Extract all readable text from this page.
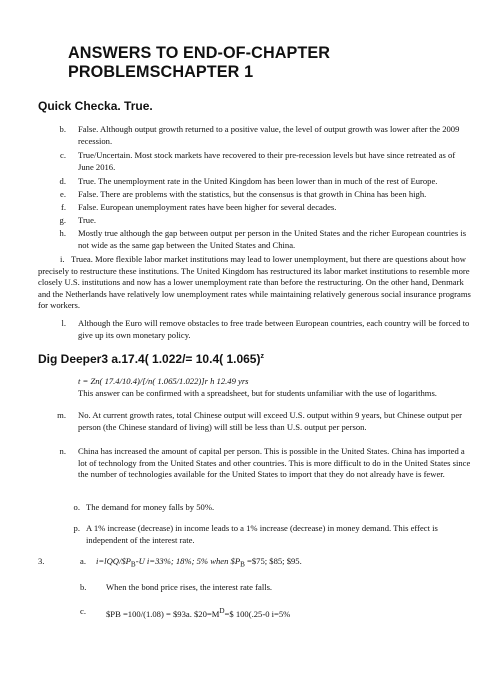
ANSWERS TO END-OF-CHAPTER
PROBLEMSCHAPTER 1
Quick Checka. True.
b. False. Although output growth returned to a positive value, the level of output growth was lower after the 2009 recession.
c. True/Uncertain. Most stock markets have recovered to their pre-recession levels but have since retreated as of June 2016.
d. True. The unemployment rate in the United Kingdom has been lower than in much of the rest of Europe.
e. False. There are problems with the statistics, but the consensus is that growth in China has been high.
f. False. European unemployment rates have been higher for several decades.
g. True.
h. Mostly true although the gap between output per person in the United States and the richer European countries is not wide as the same gap between the United States and China.
i. Truea. More flexible labor market institutions may lead to lower unemployment, but there are questions about how precisely to restructure these institutions. The United Kingdom has restructured its labor market institutions to resemble more closely U.S. institutions and now has a lower unemployment rate than before the restructuring. On the other hand, Denmark and the Netherlands have relatively low unemployment rates while maintaining relatively generous social insurance programs for workers.
l. Although the Euro will remove obstacles to free trade between European countries, each country will be forced to give up its own monetary policy.
Dig Deeper3 a.17.4( 1.022/= 10.4( 1.065)$^z$
t = Zn( 17.4/10.4)/[/n( 1.065/1.022)]r h 12.49 yrs
This answer can be confirmed with a spreadsheet, but for students unfamiliar with the use of logarithms.
m. No. At current growth rates, total Chinese output will exceed U.S. output within 9 years, but Chinese output per person (the Chinese standard of living) will still be less than U.S. output per person.
n. China has increased the amount of capital per person. This is possible in the United States. China has imported a lot of technology from the United States and other countries. This is more difficult to do in the United States since the number of technologies available for the United States to import that they do not already have is fewer.
o. The demand for money falls by 50%.
p. A 1% increase (decrease) in income leads to a 1% increase (decrease) in money demand. This effect is independent of the interest rate.
3.	a. $i=lQQ/\$P_B-U$ i=33%; 18%; 5% when $\$P_B$ =$75; $85; $95.
b. When the bond price rises, the interest rate falls.
c. $PB =100/(1.08) = $93a. $\$20=M^D=\$$ 100(.25-0 i=5%
